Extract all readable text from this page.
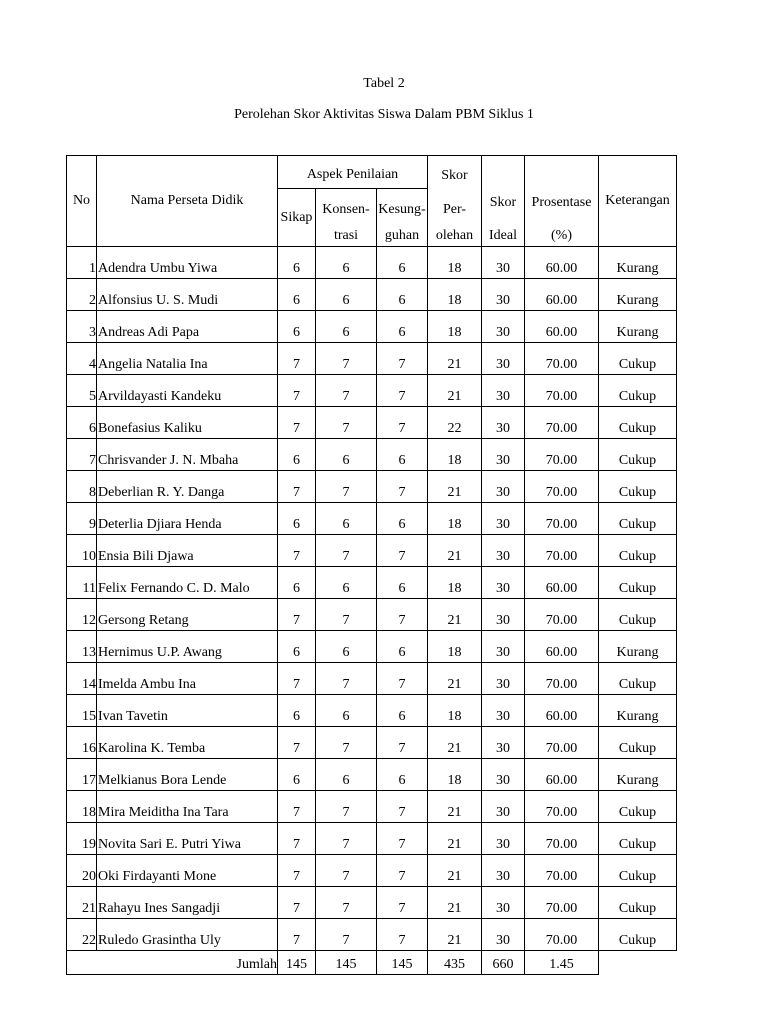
Tabel 2
Perolehan Skor Aktivitas Siswa Dalam PBM Siklus 1
No	Nama Perseta Didik	Aspek Penilaian			Skor	Skor	Prosentase	Keterangan
		Sikap	Konsen-	Kesung-	Per-			
			trasi	guhan	olehan	Ideal	(%)	
1	Adendra Umbu Yiwa	6	6	6	18	30	60.00	Kurang
2	Alfonsius U. S. Mudi	6	6	6	18	30	60.00	Kurang
3	Andreas Adi Papa	6	6	6	18	30	60.00	Kurang
4	Angelia Natalia Ina	7	7	7	21	30	70.00	Cukup
5	Arvildayasti Kandeku	7	7	7	21	30	70.00	Cukup
6	Bonefasius Kaliku	7	7	7	22	30	70.00	Cukup
7	Chrisvander J. N. Mbaha	6	6	6	18	30	70.00	Cukup
8	Deberlian R. Y. Danga	7	7	7	21	30	70.00	Cukup
9	Deterlia Djiara Henda	6	6	6	18	30	70.00	Cukup
10	Ensia Bili Djawa	7	7	7	21	30	70.00	Cukup
11	Felix Fernando C. D. Malo	6	6	6	18	30	60.00	Cukup
12	Gersong Retang	7	7	7	21	30	70.00	Cukup
13	Hernimus U.P. Awang	6	6	6	18	30	60.00	Kurang
14	Imelda Ambu Ina	7	7	7	21	30	70.00	Cukup
15	Ivan Tavetin	6	6	6	18	30	60.00	Kurang
16	Karolina K. Temba	7	7	7	21	30	70.00	Cukup
17	Melkianus Bora Lende	6	6	6	18	30	60.00	Kurang
18	Mira Meiditha Ina Tara	7	7	7	21	30	70.00	Cukup
19	Novita Sari E. Putri Yiwa	7	7	7	21	30	70.00	Cukup
20	Oki Firdayanti Mone	7	7	7	21	30	70.00	Cukup
21	Rahayu Ines Sangadji	7	7	7	21	30	70.00	Cukup
22	Ruledo Grasintha Uly	7	7	7	21	30	70.00	Cukup
Jumlah		145	145	145	435	660	1.45	
